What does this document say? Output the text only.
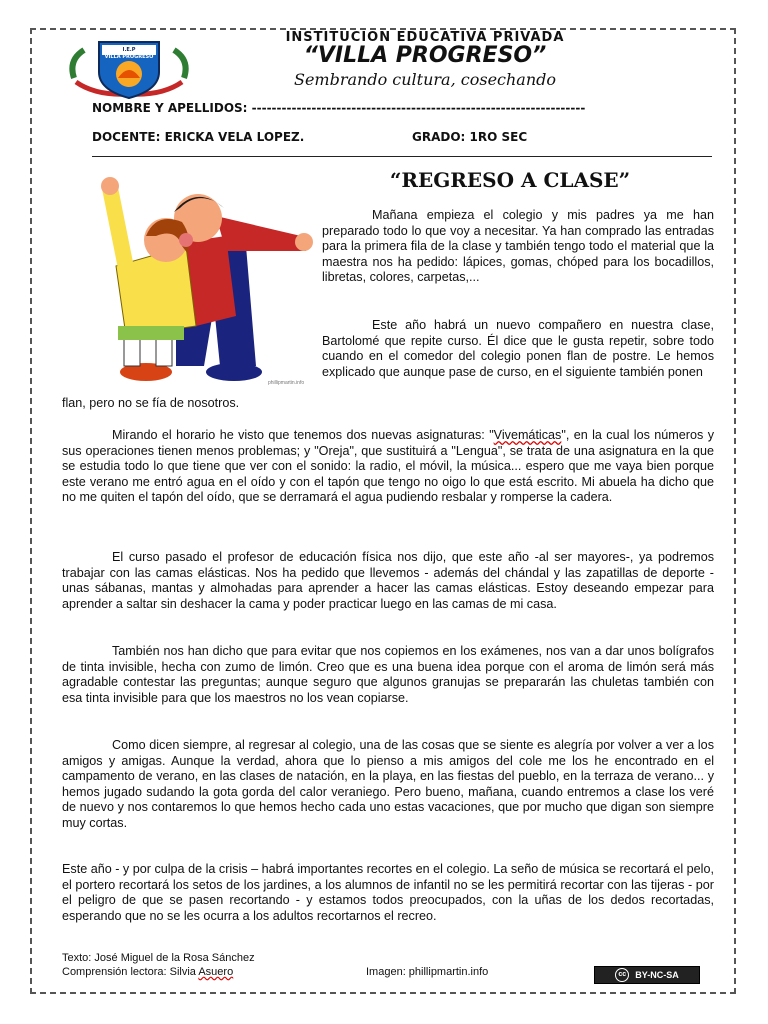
I.E.P
VILLA PROGRESO
INSTITUCION EDUCATIVA PRIVADA
“VILLA PROGRESO”
Sembrando cultura, cosechando
NOMBRE Y APELLIDOS: -------------------------------------------------------------------
DOCENTE: ERICKA VELA LOPEZ.	GRADO: 1RO SEC
“REGRESO A CLASE”
phillipmartin.info
Mañana empieza el colegio y mis padres ya me han preparado todo lo que voy a necesitar. Ya han comprado las entradas para la primera fila de la clase y también tengo todo el material que la maestra nos ha pedido: lápices, gomas, chóped para los bocadillos, libretas, colores, carpetas,...
Este año habrá un nuevo compañero en nuestra clase, Bartolomé que repite curso. Él dice que le gusta repetir, sobre todo cuando en el comedor del colegio ponen flan de postre. Le hemos explicado que aunque pase de curso, en el siguiente también ponen
flan, pero no se fía de nosotros.
Mirando el horario he visto que tenemos dos nuevas asignaturas: "Vivemáticas", en la cual los números y sus operaciones tienen menos problemas; y "Oreja", que sustituirá a "Lengua", se trata de una asignatura en la que se estudia todo lo que tiene que ver con el sonido: la radio, el móvil, la música... espero que me vaya bien porque este verano me entró agua en el oído y con el tapón que tengo no oigo lo que está escrito. Mi abuela ha dicho que no me quiten el tapón del oído, que se derramará el agua pudiendo resbalar y romperse la cadera.
El curso pasado el profesor de educación física nos dijo, que este año -al ser mayores-, ya podremos trabajar con las camas elásticas. Nos ha pedido que llevemos - además del chándal y las zapatillas de deporte - unas sábanas, mantas y almohadas para aprender a hacer las camas elásticas. Estoy deseando empezar para aprender a saltar sin deshacer la cama y poder practicar luego en las camas de mi casa.
También nos han dicho que para evitar que nos copiemos en los exámenes, nos van a dar unos bolígrafos de tinta invisible, hecha con zumo de limón. Creo que es una buena idea porque con el aroma de limón será más agradable contestar las preguntas; aunque seguro que algunos granujas se prepararán las chuletas también con esa tinta invisible para que los maestros no los vean copiarse.
Como dicen siempre, al regresar al colegio, una de las cosas que se siente es alegría por volver a ver a los amigos y amigas. Aunque la verdad, ahora que lo pienso a mis amigos del cole me los he encontrado en el campamento de verano, en las clases de natación, en la playa, en las fiestas del pueblo, en la terraza de verano... y hemos jugado sudando la gota gorda del calor veraniego. Pero bueno, mañana, cuando entremos a clase los veré de nuevo y nos contaremos lo que hemos hecho cada uno estas vacaciones, que por mucho que digan son siempre muy cortas.
Este año - y por culpa de la crisis – habrá importantes recortes en el colegio. La seño de música se recortará el pelo, el portero recortará los setos de los jardines, a los alumnos de infantil no se les permitirá recortar con las tijeras - por el peligro de que se pasen recortando - y estamos todos preocupados, con la uñas de los dedos recortadas, esperando que no se les ocurra a los adultos recortarnos el recreo.
Texto: José Miguel de la Rosa Sánchez
Comprensión lectora: Silvia Asuero	Imagen: phillipmartin.info	cc	BY-NC-SA
